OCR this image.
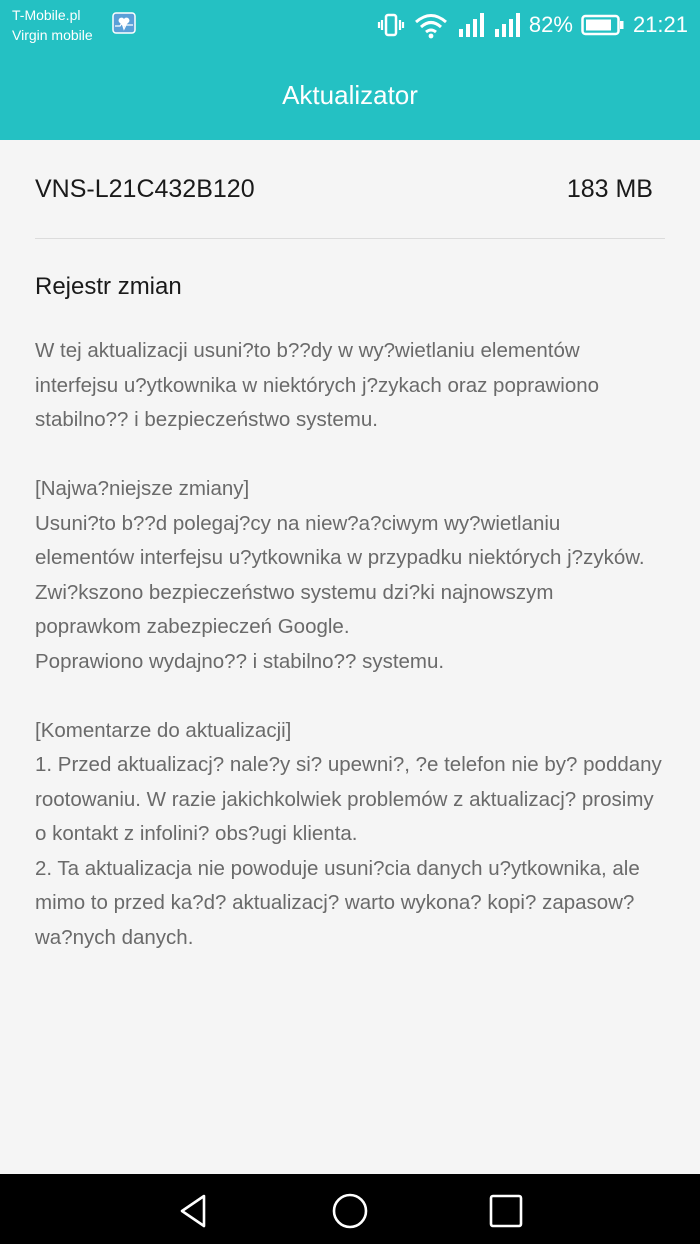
T-Mobile.pl
Virgin mobile	82%	21:21
Aktualizator
VNS-L21C432B120	183 MB
Rejestr zmian

W tej aktualizacji usuni?to b??dy w wy?wietlaniu elementów interfejsu u?ytkownika w niektórych j?zykach oraz poprawiono stabilno?? i bezpieczeństwo systemu.

[Najwa?niejsze zmiany]
Usuni?to b??d polegaj?cy na niew?a?ciwym wy?wietlaniu elementów interfejsu u?ytkownika w przypadku niektórych j?zyków.
Zwi?kszono bezpieczeństwo systemu dzi?ki najnowszym poprawkom zabezpieczeń Google.
Poprawiono wydajno?? i stabilno?? systemu.

[Komentarze do aktualizacji]
1. Przed aktualizacj? nale?y si? upewni?, ?e telefon nie by? poddany rootowaniu. W razie jakichkolwiek problemów z aktualizacj? prosimy o kontakt z infolini? obs?ugi klienta.
2. Ta aktualizacja nie powoduje usuni?cia danych u?ytkownika, ale mimo to przed ka?d? aktualizacj? warto wykona? kopi? zapasow? wa?nych danych.
